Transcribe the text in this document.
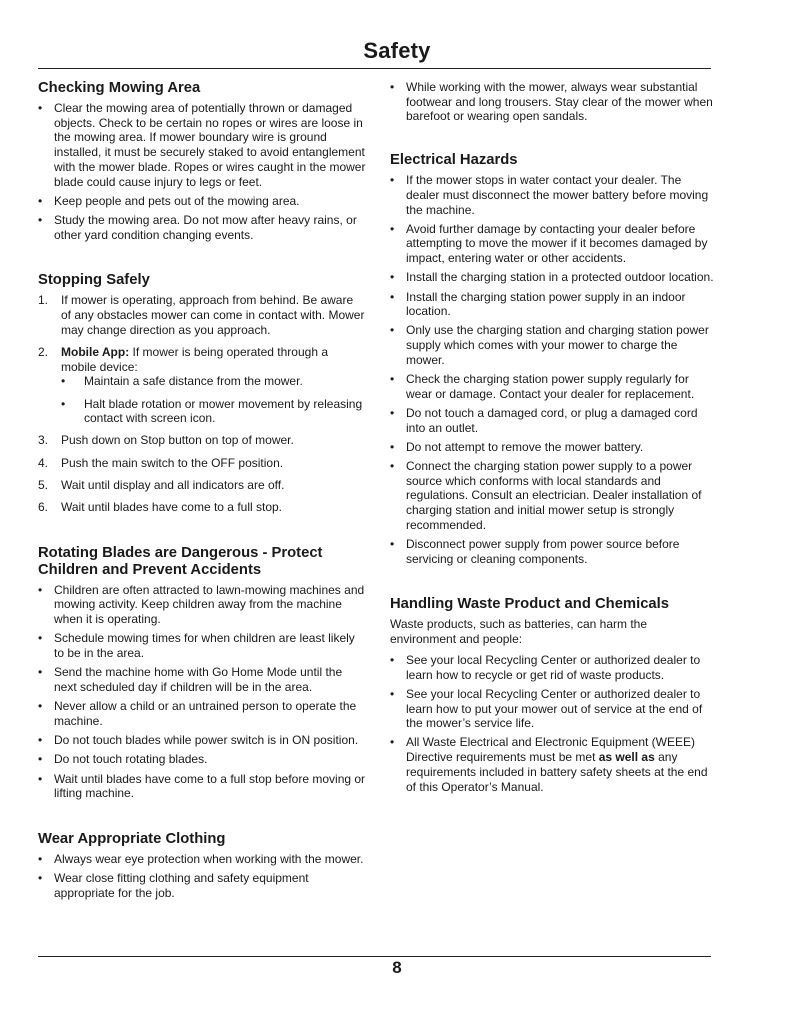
Safety
Checking Mowing Area
• Clear the mowing area of potentially thrown or damaged objects. Check to be certain no ropes or wires are loose in the mowing area. If mower boundary wire is ground installed, it must be securely staked to avoid entanglement with the mower blade. Ropes or wires caught in the mower blade could cause injury to legs or feet.
• Keep people and pets out of the mowing area.
• Study the mowing area. Do not mow after heavy rains, or other yard condition changing events.
Stopping Safely
1. If mower is operating, approach from behind. Be aware of any obstacles mower can come in contact with. Mower may change direction as you approach.
2. Mobile App: If mower is being operated through a mobile device:
• Maintain a safe distance from the mower.
• Halt blade rotation or mower movement by releasing contact with screen icon.
3. Push down on Stop button on top of mower.
4. Push the main switch to the OFF position.
5. Wait until display and all indicators are off.
6. Wait until blades have come to a full stop.
Rotating Blades are Dangerous - Protect Children and Prevent Accidents
• Children are often attracted to lawn-mowing machines and mowing activity. Keep children away from the machine when it is operating.
• Schedule mowing times for when children are least likely to be in the area.
• Send the machine home with Go Home Mode until the next scheduled day if children will be in the area.
• Never allow a child or an untrained person to operate the machine.
• Do not touch blades while power switch is in ON position.
• Do not touch rotating blades.
• Wait until blades have come to a full stop before moving or lifting machine.
Wear Appropriate Clothing
• Always wear eye protection when working with the mower.
• Wear close fitting clothing and safety equipment appropriate for the job.
• While working with the mower, always wear substantial footwear and long trousers. Stay clear of the mower when barefoot or wearing open sandals.
Electrical Hazards
• If the mower stops in water contact your dealer. The dealer must disconnect the mower battery before moving the machine.
• Avoid further damage by contacting your dealer before attempting to move the mower if it becomes damaged by impact, entering water or other accidents.
• Install the charging station in a protected outdoor location.
• Install the charging station power supply in an indoor location.
• Only use the charging station and charging station power supply which comes with your mower to charge the mower.
• Check the charging station power supply regularly for wear or damage. Contact your dealer for replacement.
• Do not touch a damaged cord, or plug a damaged cord into an outlet.
• Do not attempt to remove the mower battery.
• Connect the charging station power supply to a power source which conforms with local standards and regulations. Consult an electrician. Dealer installation of charging station and initial mower setup is strongly recommended.
• Disconnect power supply from power source before servicing or cleaning components.
Handling Waste Product and Chemicals

Waste products, such as batteries, can harm the environment and people:

• See your local Recycling Center or authorized dealer to learn how to recycle or get rid of waste products.
• See your local Recycling Center or authorized dealer to learn how to put your mower out of service at the end of the mower’s service life.
• All Waste Electrical and Electronic Equipment (WEEE) Directive requirements must be met as well as any requirements included in battery safety sheets at the end of this Operator’s Manual.
8
